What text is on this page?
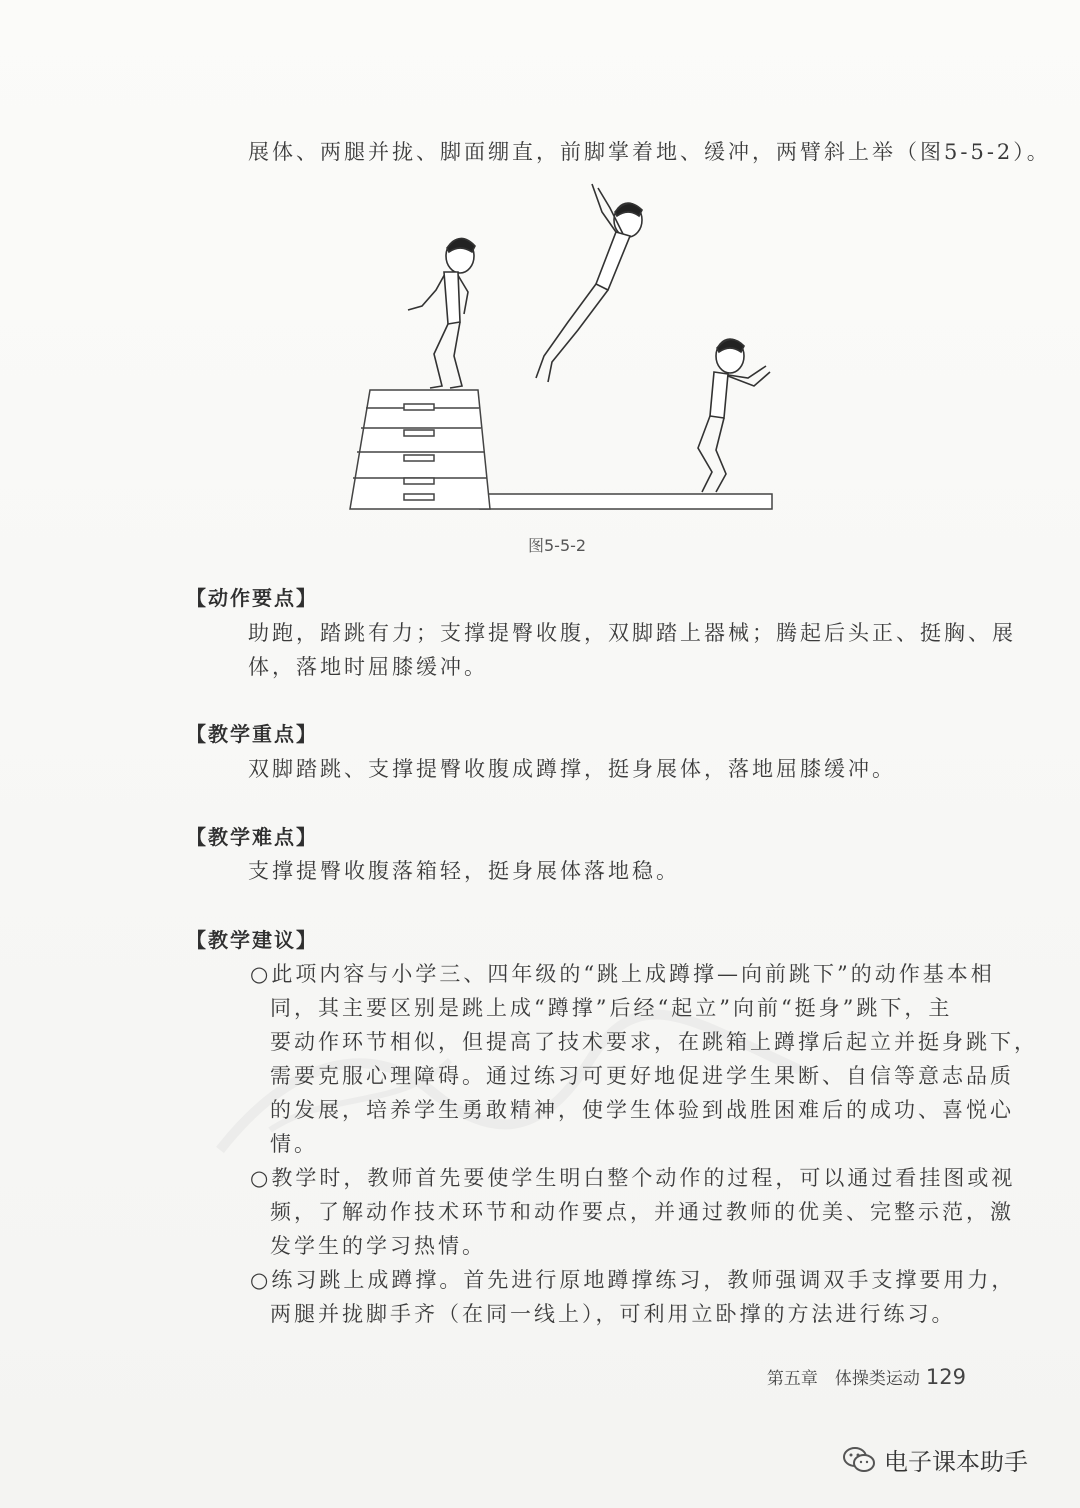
展体、两腿并拢、脚面绷直，前脚掌着地、缓冲，两臂斜上举（图5-5-2）。
图5-5-2
【动作要点】
助跑，踏跳有力；支撑提臀收腹，双脚踏上器械；腾起后头正、挺胸、展
体，落地时屈膝缓冲。
【教学重点】
双脚踏跳、支撑提臀收腹成蹲撑，挺身展体，落地屈膝缓冲。
【教学难点】
支撑提臀收腹落箱轻，挺身展体落地稳。
【教学建议】
○此项内容与小学三、四年级的“跳上成蹲撑—向前跳下”的动作基本相
同，其主要区别是跳上成“蹲撑”后经“起立”向前“挺身”跳下，主
要动作环节相似，但提高了技术要求，在跳箱上蹲撑后起立并挺身跳下，
需要克服心理障碍。通过练习可更好地促进学生果断、自信等意志品质
的发展，培养学生勇敢精神，使学生体验到战胜困难后的成功、喜悦心
情。
○教学时，教师首先要使学生明白整个动作的过程，可以通过看挂图或视
频，了解动作技术环节和动作要点，并通过教师的优美、完整示范，激
发学生的学习热情。
○练习跳上成蹲撑。首先进行原地蹲撑练习，教师强调双手支撑要用力，
两腿并拢脚手齐（在同一线上），可利用立卧撑的方法进行练习。
第五章　体操类运动 129
电子课本助手
